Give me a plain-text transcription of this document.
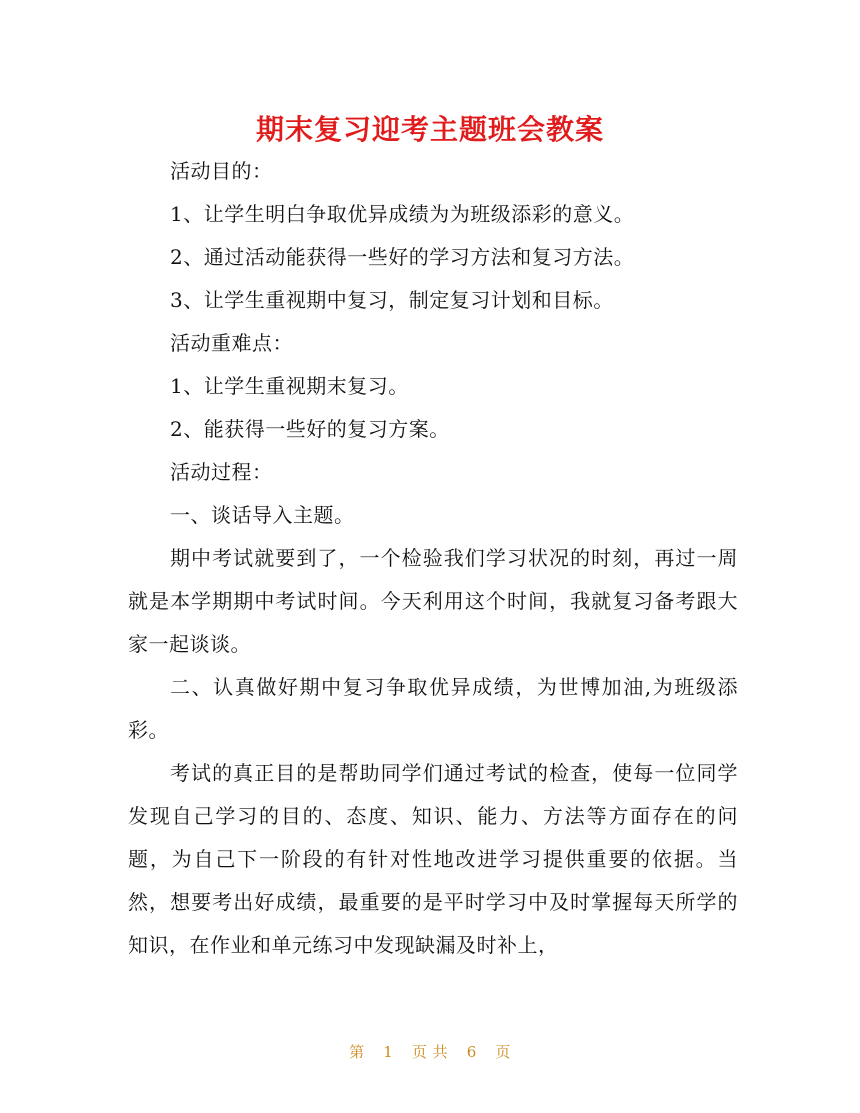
期末复习迎考主题班会教案

活动目的：

1、让学生明白争取优异成绩为为班级添彩的意义。

2、通过活动能获得一些好的学习方法和复习方法。

3、让学生重视期中复习，制定复习计划和目标。

活动重难点：

1、让学生重视期末复习。

2、能获得一些好的复习方案。

活动过程：

一、谈话导入主题。

期中考试就要到了，一个检验我们学习状况的时刻，再过一周就是本学期期中考试时间。今天利用这个时间，我就复习备考跟大家一起谈谈。

二、认真做好期中复习争取优异成绩，为世博加油,为班级添彩。

考试的真正目的是帮助同学们通过考试的检查，使每一位同学发现自己学习的目的、态度、知识、能力、方法等方面存在的问题，为自己下一阶段的有针对性地改进学习提供重要的依据。当然，想要考出好成绩，最重要的是平时学习中及时掌握每天所学的知识，在作业和单元练习中发现缺漏及时补上，

第 1 页 共 6 页
